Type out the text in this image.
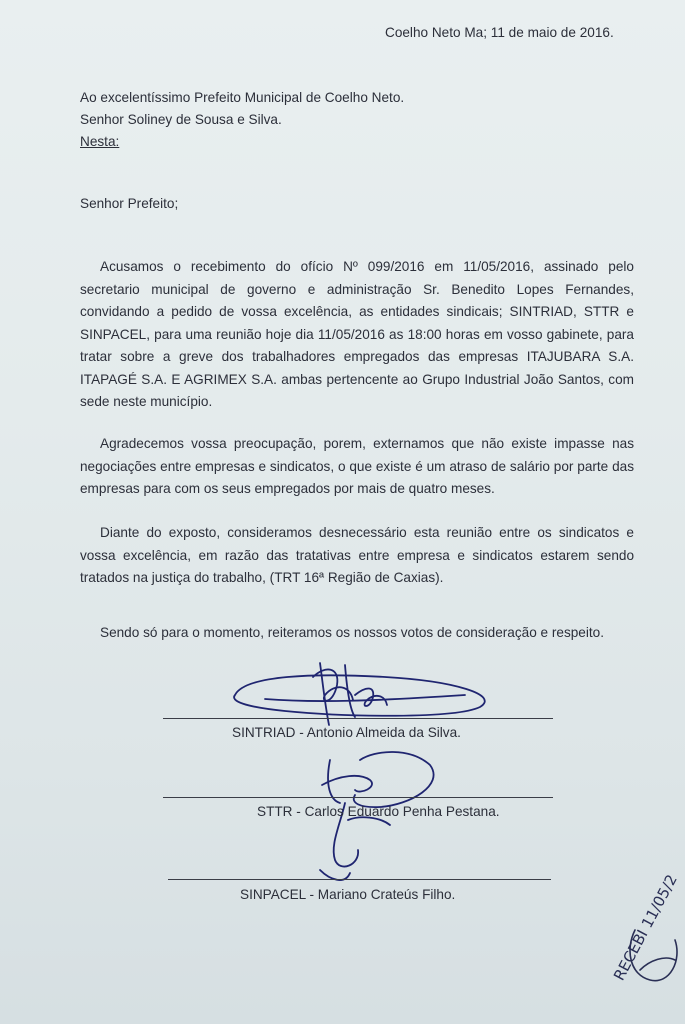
Coelho Neto Ma; 11 de maio de 2016.
Ao excelentíssimo Prefeito Municipal de Coelho Neto.
Senhor Soliney de Sousa e Silva.
Nesta:
Senhor Prefeito;
Acusamos o recebimento do ofício Nº 099/2016 em 11/05/2016, assinado pelo secretario municipal de governo e administração Sr. Benedito Lopes Fernandes, convidando a pedido de vossa excelência, as entidades sindicais; SINTRIAD, STTR e SINPACEL, para uma reunião hoje dia 11/05/2016 as 18:00 horas em vosso gabinete, para tratar sobre a greve dos trabalhadores empregados das empresas ITAJUBARA S.A. ITAPAGÉ S.A. E AGRIMEX S.A. ambas pertencente ao Grupo Industrial João Santos, com sede neste município.
Agradecemos vossa preocupação, porem, externamos que não existe impasse nas negociações entre empresas e sindicatos, o que existe é um atraso de salário por parte das empresas para com os seus empregados por mais de quatro meses.
Diante do exposto, consideramos desnecessário esta reunião entre os sindicatos e vossa excelência, em razão das tratativas entre empresa e sindicatos estarem sendo tratados na justiça do trabalho, (TRT 16ª Região de Caxias).
Sendo só para o momento, reiteramos os nossos votos de consideração e respeito.
SINTRIAD - Antonio Almeida da Silva.
STTR - Carlos Eduardo Penha Pestana.
SINPACEL - Mariano Crateús Filho.	RECEBI 11/05/2
